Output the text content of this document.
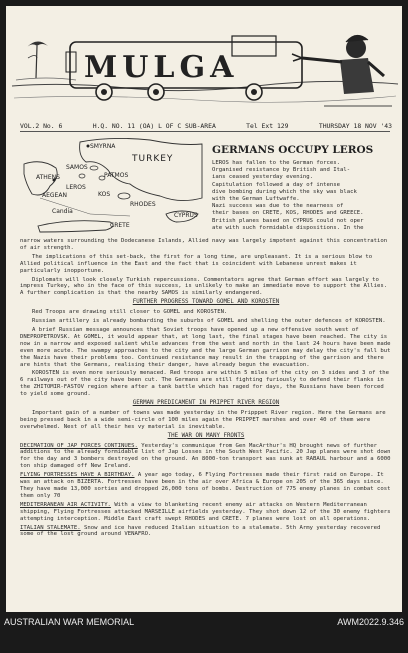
MULGA
VOL.2 No. 6	H.Q. NO. 11 (OA) L OF C SUB-AREA	Tel Ext 129	THURSDAY 18 NOV '43
SMYRNA
TURKEY
SAMOS
ATHENS
LEROS
PATMOS
KOS
RHODES
Candia
CRETE
CYPRUS
AEGEAN
GERMANS OCCUPY LEROS

LEROS has fallen to the German forces.

Organised resistance by British and Ital-

ians ceased yesterday evening.

Capitulation followed a day of intense

dive bombing during which the sky was black

with the German Luftwaffe.

Nazi success was due to the nearness of

their bases on CRETE, KOS, RHODES and GREECE.

British planes based on CYPRUS could not oper

ate with such formidable dispositions. In the

narrow waters surrounding the Dodecanese Islands, Allied navy was largely impotent against this concentration of air strength.

The implications of this set-back, the first for a long time, are unpleasant. It is a serious blow to Allied political influence in the East and the fact that is coincident with Lebanese unrest makes it particularly inopportune.

Diplomats will look closely Turkish repercussions. Commentators agree that German effort was largely to impress Turkey, who in the face of this success, is unlikely to make an immediate move to support the Allies. A further complication is that the nearby SAMOS is similarly endangered.

FURTHER PROGRESS TOWARD GOMEL AND KOROSTEN

Red Troops are drawing still closer to GOMEL and KOROSTEN.

Russian artillery is already bombarding the suburbs of GOMEL and shelling the outer defences of KOROSTEN.

A brief Russian message announces that Soviet troops have opened up a new offensive south west of DNEPROPETROVSK. At GOMEL, it would appear that, at long last, the final stages have been reached. The city is now in a narrow and exposed salient while advances from the west and north in the last 24 hours have been made even more acute. The swampy approaches to the city and the large German garrison may delay the city's fall but the Nazis have their problems too. Continued resistance may result in the trapping of the garrison and there are hints that the Germans, realising their danger, have already begun the evacuation.

KOROSTEN is even more seriously menaced. Red troops are within 5 miles of the city on 3 sides and 3 of the 6 railways out of the city have been cut. The Germans are still fighting furiously to defend their flanks in the ZHITOMIR-FASTOV region where after a tank battle which has raged for days, the Russians have been forced to yield some ground.

GERMAN PREDICAMENT IN PRIPPET RIVER REGION

Important gain of a number of towns was made yesterday in the Pripppet River region. Here the Germans are being pressed back in a wide semi-circle of 100 miles again the PRIPPET marshes and over 40 of them were overwhelmed. Nest of all their hes vy material is inevitable.

THE WAR ON MANY FRONTS

DECIMATION OF JAP FORCES CONTINUES. Yesterday's communique from Gen MacArthur's HQ brought news of further additions to the already formidable list of Jap Losses in the South West Pacific. 20 Jap planes were shot down for the day and 3 bombers destroyed on the ground. An 8000-ton transport was sunk at RABAUL harbour and a 6000 ton ship damaged off New Ireland.

FLYING FORTRESSES HAVE A BIRTHDAY. A year ago today, 6 Flying Fortresses made their first raid on Europe. It was an attack on BIZERTA. Fortresses have been in the air over Africa & Europe on 205 of the 365 days since. They have made 13,000 sorties and dropped 26,000 tons of bombs. Destruction of 775 enemy planes in combat cost them only 70

MEDITERRANEAN AIR ACTIVITY. With a view to blanketing recent enemy air attacks on Western Mediterranean shipping, Flying Fortresses attacked MARSEILLE airfields yesterday. They shot down 12 of the 30 enemy fighters attempting interception. Middle East craft swept RHODES and CRETE. 7 planes were lost on all operations.

ITALIAN STALEMATE. Snow and ice have reduced Italian situation to a stalemate. 5th Army yesterday recovered some of the lost ground around VENAFRO.

AUSTRALIAN WAR MEMORIAL	AWM2022.9.346
